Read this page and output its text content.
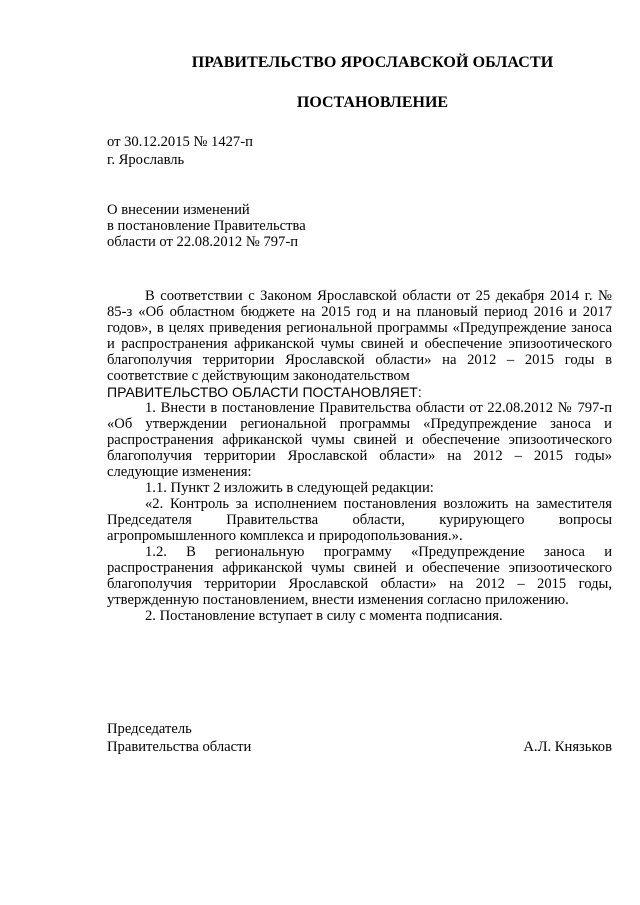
ПРАВИТЕЛЬСТВО ЯРОСЛАВСКОЙ ОБЛАСТИ
ПОСТАНОВЛЕНИЕ
от 30.12.2015 № 1427-п
г. Ярославль
О внесении изменений
в постановление Правительства
области от 22.08.2012 № 797-п

В соответствии с Законом Ярославской области от 25 декабря 2014 г. № 85-з «Об областном бюджете на 2015 год и на плановый период 2016 и 2017 годов», в целях приведения региональной программы «Предупреждение заноса и распространения африканской чумы свиней и обеспечение эпизоотического благополучия территории Ярославской области» на 2012 – 2015 годы в соответствие с действующим законодательством

ПРАВИТЕЛЬСТВО ОБЛАСТИ ПОСТАНОВЛЯЕТ:

1. Внести в постановление Правительства области от 22.08.2012 № 797-п «Об утверждении региональной программы «Предупреждение заноса и распространения африканской чумы свиней и обеспечение эпизоотического благополучия территории Ярославской области» на 2012 – 2015 годы» следующие изменения:

1.1. Пункт 2 изложить в следующей редакции:

«2. Контроль за исполнением постановления возложить на заместителя Председателя Правительства области, курирующего вопросы агропромышленного комплекса и природопользования.».

1.2. В региональную программу «Предупреждение заноса и распространения африканской чумы свиней и обеспечение эпизоотического благополучия территории Ярославской области» на 2012 – 2015 годы, утвержденную постановлением, внести изменения согласно приложению.

2. Постановление вступает в силу с момента подписания.

Председатель
Правительства области	А.Л. Князьков
